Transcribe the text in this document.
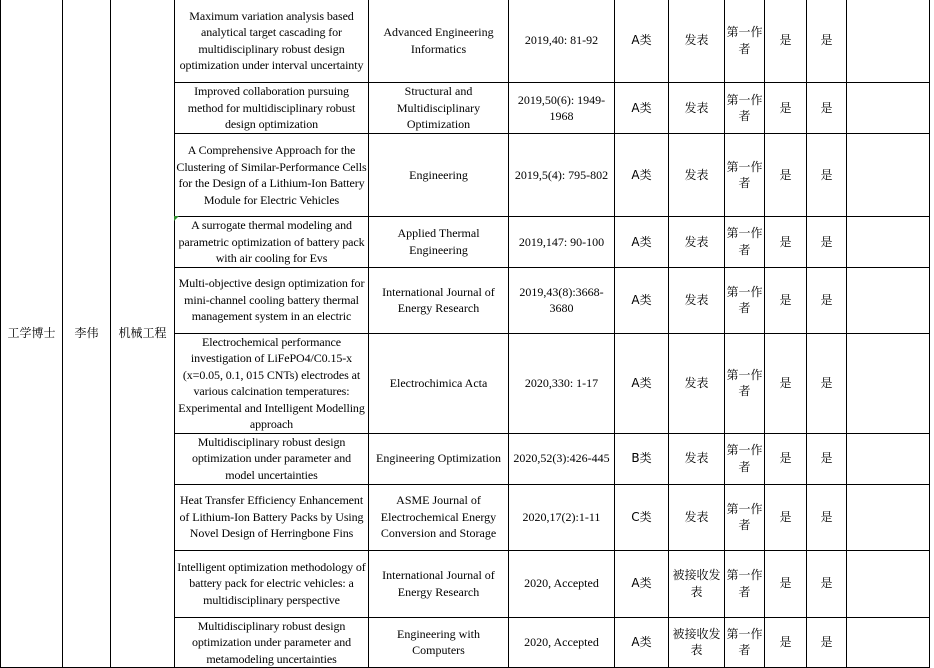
工学博士	李伟	机械工程	Maximum variation analysis based analytical target cascading for multidisciplinary robust design optimization under interval uncertainty	Advanced Engineering Informatics	2019,40: 81-92	A类	发表	第一作者	是	是	
			Improved collaboration pursuing method for multidisciplinary robust design optimization	Structural and Multidisciplinary Optimization	2019,50(6): 1949-1968	A类	发表	第一作者	是	是	
			A Comprehensive Approach for the Clustering of Similar-Performance Cells for the Design of a Lithium-Ion Battery Module for Electric Vehicles	Engineering	2019,5(4): 795-802	A类	发表	第一作者	是	是	
			A surrogate thermal modeling and parametric optimization of battery pack with air cooling for Evs	Applied Thermal Engineering	2019,147: 90-100	A类	发表	第一作者	是	是	
			Multi-objective design optimization for mini-channel cooling battery thermal management system in an electric	International Journal of Energy Research	2019,43(8):3668-3680	A类	发表	第一作者	是	是	
			Electrochemical performance investigation of LiFePO4/C0.15-x (x=0.05, 0.1, 015 CNTs) electrodes at various calcination temperatures: Experimental and Intelligent Modelling approach	Electrochimica Acta	2020,330: 1-17	A类	发表	第一作者	是	是	
			Multidisciplinary robust design optimization under parameter and model uncertainties	Engineering Optimization	2020,52(3):426-445	B类	发表	第一作者	是	是	
			Heat Transfer Efficiency Enhancement of Lithium-Ion Battery Packs by Using Novel Design of Herringbone Fins	ASME Journal of Electrochemical Energy Conversion and Storage	2020,17(2):1-11	C类	发表	第一作者	是	是	
			Intelligent optimization methodology of battery pack for electric vehicles: a multidisciplinary perspective	International Journal of Energy Research	2020, Accepted	A类	被接收发表	第一作者	是	是	
			Multidisciplinary robust design optimization under parameter and metamodeling uncertainties	Engineering with Computers	2020, Accepted	A类	被接收发表	第一作者	是	是	
